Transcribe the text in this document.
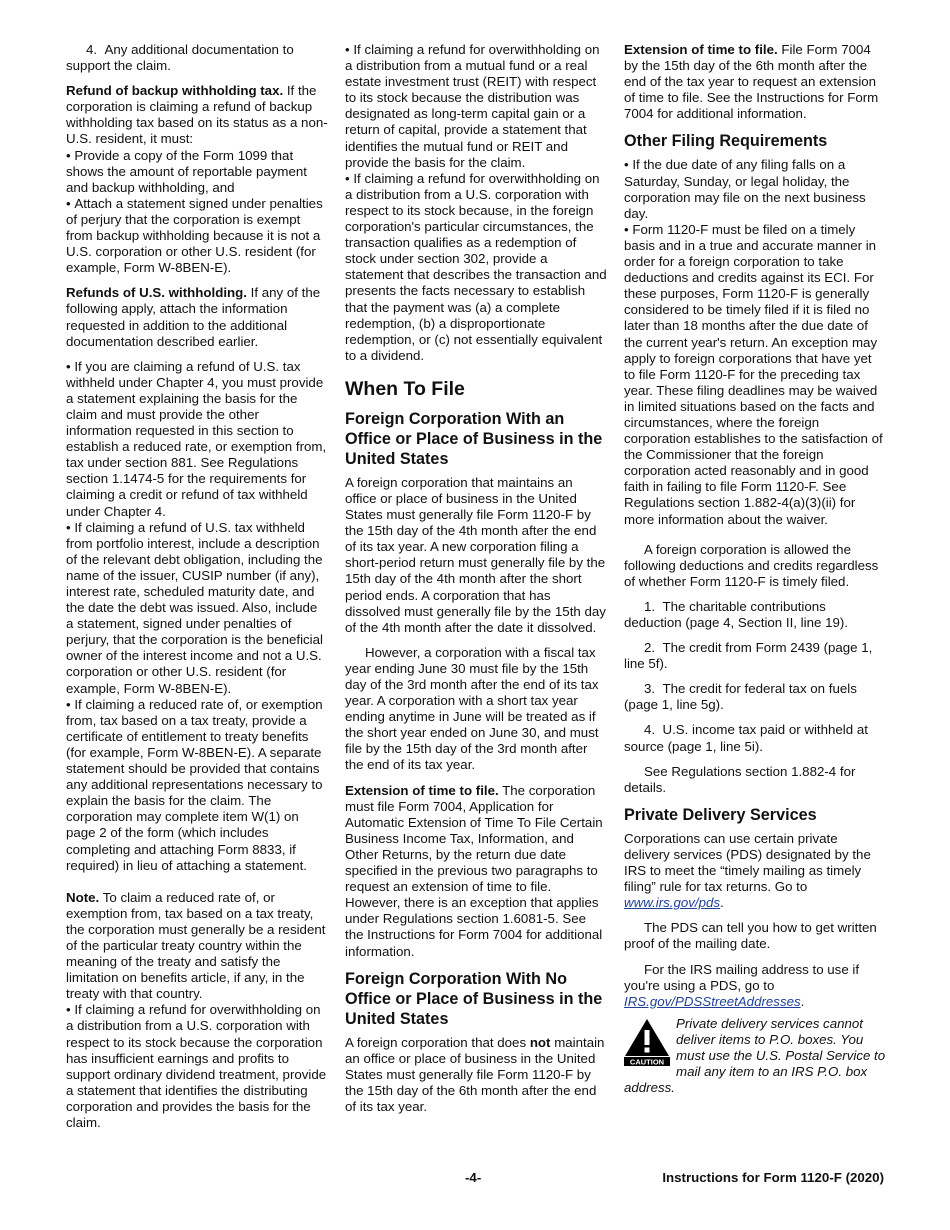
4.  Any additional documentation to support the claim.

Refund of backup withholding tax. If the corporation is claiming a refund of backup withholding tax based on its status as a non-U.S. resident, it must:

• Provide a copy of the Form 1099 that shows the amount of reportable payment and backup withholding, and

• Attach a statement signed under penalties of perjury that the corporation is exempt from backup withholding because it is not a U.S. corporation or other U.S. resident (for example, Form W-8BEN-E).

Refunds of U.S. withholding. If any of the following apply, attach the information requested in addition to the additional documentation described earlier.

• If you are claiming a refund of U.S. tax withheld under Chapter 4, you must provide a statement explaining the basis for the claim and must provide the other information requested in this section to establish a reduced rate, or exemption from, tax under section 881. See Regulations section 1.1474-5 for the requirements for claiming a credit or refund of tax withheld under Chapter 4.

• If claiming a refund of U.S. tax withheld from portfolio interest, include a description of the relevant debt obligation, including the name of the issuer, CUSIP number (if any), interest rate, scheduled maturity date, and the date the debt was issued. Also, include a statement, signed under penalties of perjury, that the corporation is the beneficial owner of the interest income and not a U.S. corporation or other U.S. resident (for example, Form W-8BEN-E).

• If claiming a reduced rate of, or exemption from, tax based on a tax treaty, provide a certificate of entitlement to treaty benefits (for example, Form W-8BEN-E). A separate statement should be provided that contains any additional representations necessary to explain the basis for the claim. The corporation may complete item W(1) on page 2 of the form (which includes completing and attaching Form 8833, if required) in lieu of attaching a statement.

Note. To claim a reduced rate of, or exemption from, tax based on a tax treaty, the corporation must generally be a resident of the particular treaty country within the meaning of the treaty and satisfy the limitation on benefits article, if any, in the treaty with that country.

• If claiming a refund for overwithholding on a distribution from a U.S. corporation with respect to its stock because the corporation has insufficient earnings and profits to support ordinary dividend treatment, provide a statement that identifies the distributing corporation and provides the basis for the claim.

• If claiming a refund for overwithholding on a distribution from a mutual fund or a real estate investment trust (REIT) with respect to its stock because the distribution was designated as long-term capital gain or a return of capital, provide a statement that identifies the mutual fund or REIT and provide the basis for the claim.

• If claiming a refund for overwithholding on a distribution from a U.S. corporation with respect to its stock because, in the foreign corporation's particular circumstances, the transaction qualifies as a redemption of stock under section 302, provide a statement that describes the transaction and presents the facts necessary to establish that the payment was (a) a complete redemption, (b) a disproportionate redemption, or (c) not essentially equivalent to a dividend.

When To File
Foreign Corporation With an Office or Place of Business in the United States

A foreign corporation that maintains an office or place of business in the United States must generally file Form 1120-F by the 15th day of the 4th month after the end of its tax year. A new corporation filing a short-period return must generally file by the 15th day of the 4th month after the short period ends. A corporation that has dissolved must generally file by the 15th day of the 4th month after the date it dissolved.

However, a corporation with a fiscal tax year ending June 30 must file by the 15th day of the 3rd month after the end of its tax year. A corporation with a short tax year ending anytime in June will be treated as if the short year ended on June 30, and must file by the 15th day of the 3rd month after the end of its tax year.

Extension of time to file. The corporation must file Form 7004, Application for Automatic Extension of Time To File Certain Business Income Tax, Information, and Other Returns, by the return due date specified in the previous two paragraphs to request an extension of time to file. However, there is an exception that applies under Regulations section 1.6081-5. See the Instructions for Form 7004 for additional information.

Foreign Corporation With No Office or Place of Business in the United States

A foreign corporation that does not maintain an office or place of business in the United States must generally file Form 1120-F by the 15th day of the 6th month after the end of its tax year.

Extension of time to file. File Form 7004 by the 15th day of the 6th month after the end of the tax year to request an extension of time to file. See the Instructions for Form 7004 for additional information.

Other Filing Requirements

• If the due date of any filing falls on a Saturday, Sunday, or legal holiday, the corporation may file on the next business day.

• Form 1120-F must be filed on a timely basis and in a true and accurate manner in order for a foreign corporation to take deductions and credits against its ECI. For these purposes, Form 1120-F is generally considered to be timely filed if it is filed no later than 18 months after the due date of the current year's return. An exception may apply to foreign corporations that have yet to file Form 1120-F for the preceding tax year. These filing deadlines may be waived in limited situations based on the facts and circumstances, where the foreign corporation establishes to the satisfaction of the Commissioner that the foreign corporation acted reasonably and in good faith in failing to file Form 1120-F. See Regulations section 1.882-4(a)(3)(ii) for more information about the waiver.

A foreign corporation is allowed the following deductions and credits regardless of whether Form 1120-F is timely filed.

1.  The charitable contributions deduction (page 4, Section II, line 19).

2.  The credit from Form 2439 (page 1, line 5f).

3.  The credit for federal tax on fuels (page 1, line 5g).

4.  U.S. income tax paid or withheld at source (page 1, line 5i).

See Regulations section 1.882-4 for details.

Private Delivery Services

Corporations can use certain private delivery services (PDS) designated by the IRS to meet the “timely mailing as timely filing” rule for tax returns. Go to www.irs.gov/pds.

The PDS can tell you how to get written proof of the mailing date.

For the IRS mailing address to use if you're using a PDS, go to

IRS.gov/PDSStreetAddresses.

CAUTION
Private delivery services cannot deliver items to P.O. boxes. You must use the U.S. Postal Service to mail any item to an IRS P.O. box address.
-4-	Instructions for Form 1120-F (2020)
